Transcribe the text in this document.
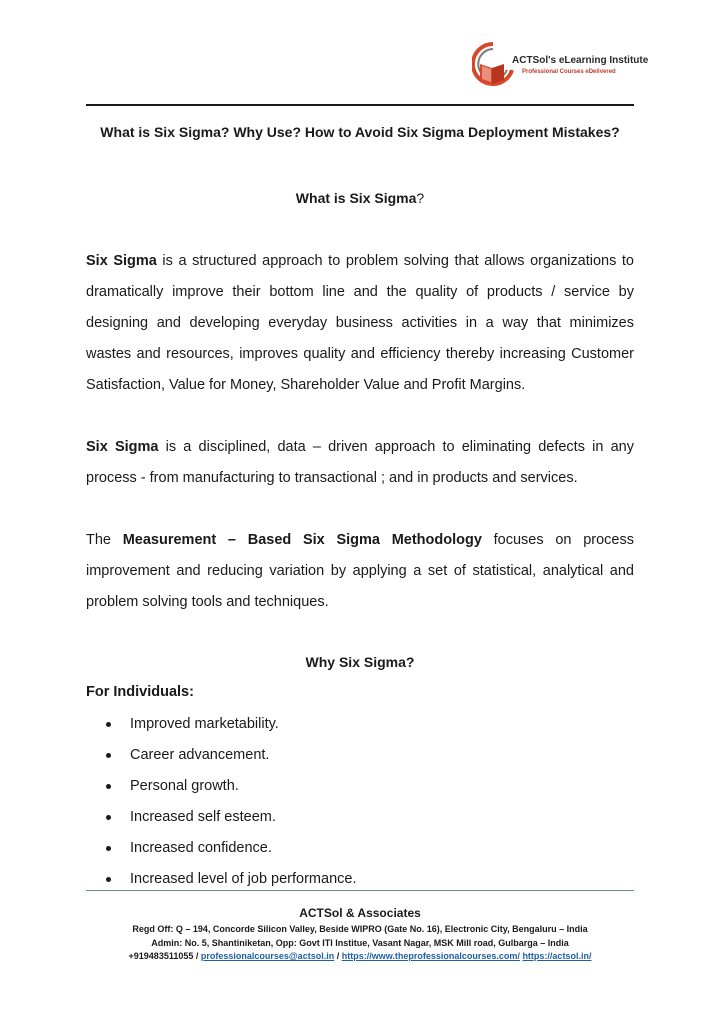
ACTSol's eLearning Institute
Professional Courses eDelivered
What is Six Sigma? Why Use? How to Avoid Six Sigma Deployment Mistakes?
What is Six Sigma?
Six Sigma is a structured approach to problem solving that allows organizations to dramatically improve their bottom line and the quality of products / service by designing and developing everyday business activities in a way that minimizes wastes and resources, improves quality and efficiency thereby increasing Customer Satisfaction, Value for Money, Shareholder Value and Profit Margins.
Six Sigma is a disciplined, data – driven approach to eliminating defects in any process - from manufacturing to transactional ; and in products and services.
The Measurement – Based Six Sigma Methodology focuses on process improvement and reducing variation by applying a set of statistical, analytical and problem solving tools and techniques.
Why Six Sigma?
For Individuals:
Improved marketability.
Career advancement.
Personal growth.
Increased self esteem.
Increased confidence.
Increased level of job performance.
ACTSol & Associates
Regd Off: Q – 194, Concorde Silicon Valley, Beside WIPRO (Gate No. 16), Electronic City, Bengaluru – India
Admin: No. 5, Shantiniketan, Opp: Govt ITI Institue, Vasant Nagar, MSK Mill road, Gulbarga – India
+919483511055 / professionalcourses@actsol.in / https://www.theprofessionalcourses.com/ https://actsol.in/
